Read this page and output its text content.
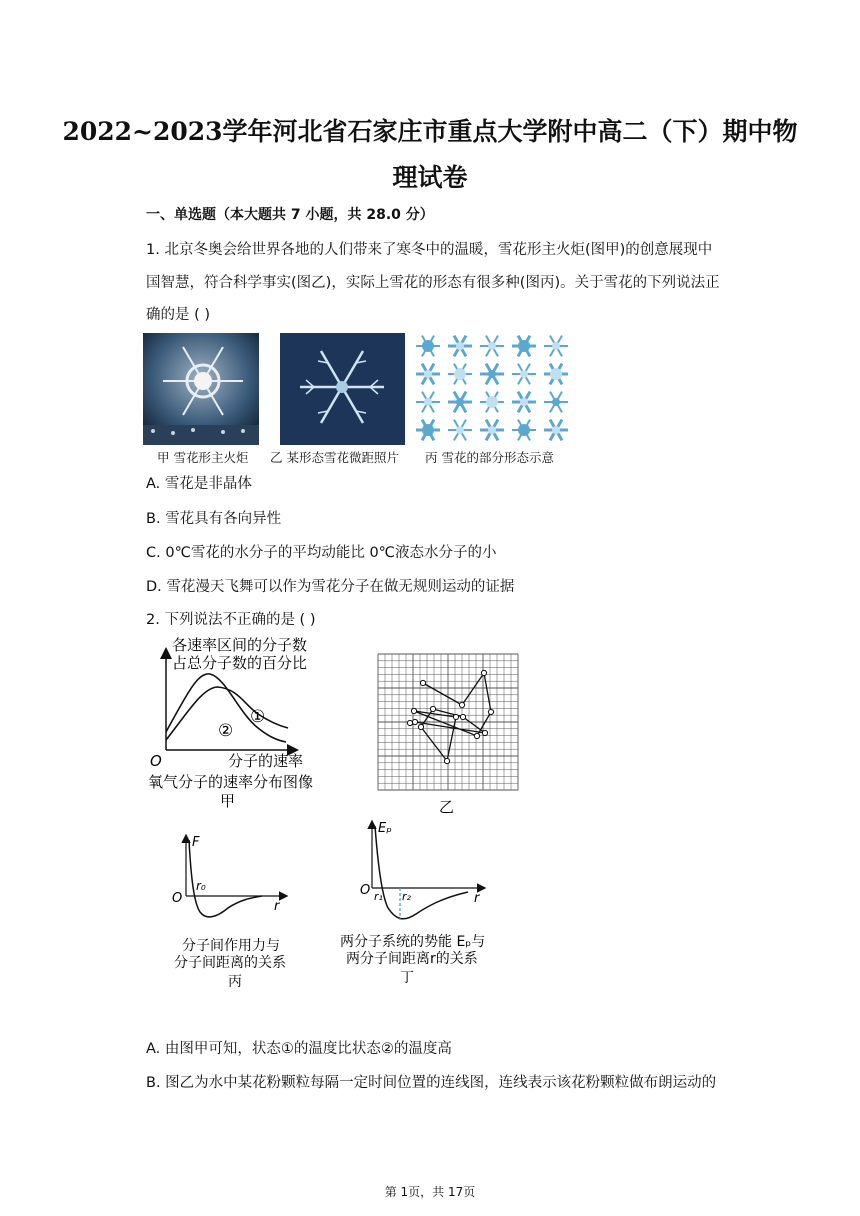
2022~2023学年河北省石家庄市重点大学附中高二（下）期中物
理试卷
一、单选题（本大题共 7 小题，共 28.0 分）
1. 北京冬奥会给世界各地的人们带来了寒冬中的温暖，雪花形主火炬(图甲)的创意展现中
国智慧，符合科学事实(图乙)，实际上雪花的形态有很多种(图丙)。关于雪花的下列说法正
确的是 ( )
甲 雪花形主火炬 乙 某形态雪花微距照片 丙 雪花的部分形态示意
A. 雪花是非晶体
B. 雪花具有各向异性
C. 0℃雪花的水分子的平均动能比 0℃液态水分子的小
D. 雪花漫天飞舞可以作为雪花分子在做无规则运动的证据
2. 下列说法不正确的是 ( )
各速率区间的分子数
占总分子数的百分比
①
②
O	分子的速率
氧气分子的速率分布图像
甲	乙
F
O
r₀
r
分子间作用力与
分子间距离的关系
丙
Eₚ
O r₁ r₂	r
两分子系统的势能 Eₚ与
两分子间距离r的关系
丁
A. 由图甲可知，状态①的温度比状态②的温度高
B. 图乙为水中某花粉颗粒每隔一定时间位置的连线图，连线表示该花粉颗粒做布朗运动的
第 1页，共 17页
